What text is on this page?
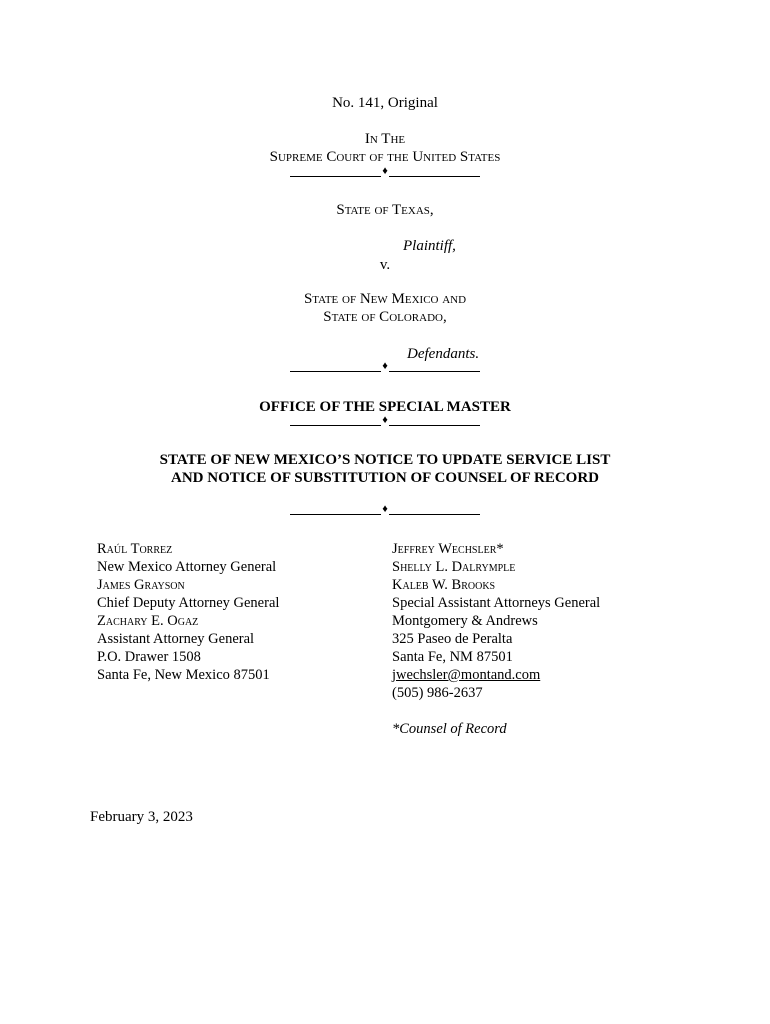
No. 141, Original
In The
Supreme Court of the United States
♦
State of Texas,
Plaintiff,
v.
State of New Mexico and
State of Colorado,
Defendants.
♦
OFFICE OF THE SPECIAL MASTER
♦
STATE OF NEW MEXICO’S NOTICE TO UPDATE SERVICE LIST
AND NOTICE OF SUBSTITUTION OF COUNSEL OF RECORD
♦
Raúl Torrez
New Mexico Attorney General
James Grayson
Chief Deputy Attorney General
Zachary E. Ogaz
Assistant Attorney General
P.O. Drawer 1508
Santa Fe, New Mexico 87501
Jeffrey Wechsler*
Shelly L. Dalrymple
Kaleb W. Brooks
Special Assistant Attorneys General
Montgomery & Andrews
325 Paseo de Peralta
Santa Fe, NM 87501
jwechsler@montand.com
(505) 986-2637
*Counsel of Record
February 3, 2023
